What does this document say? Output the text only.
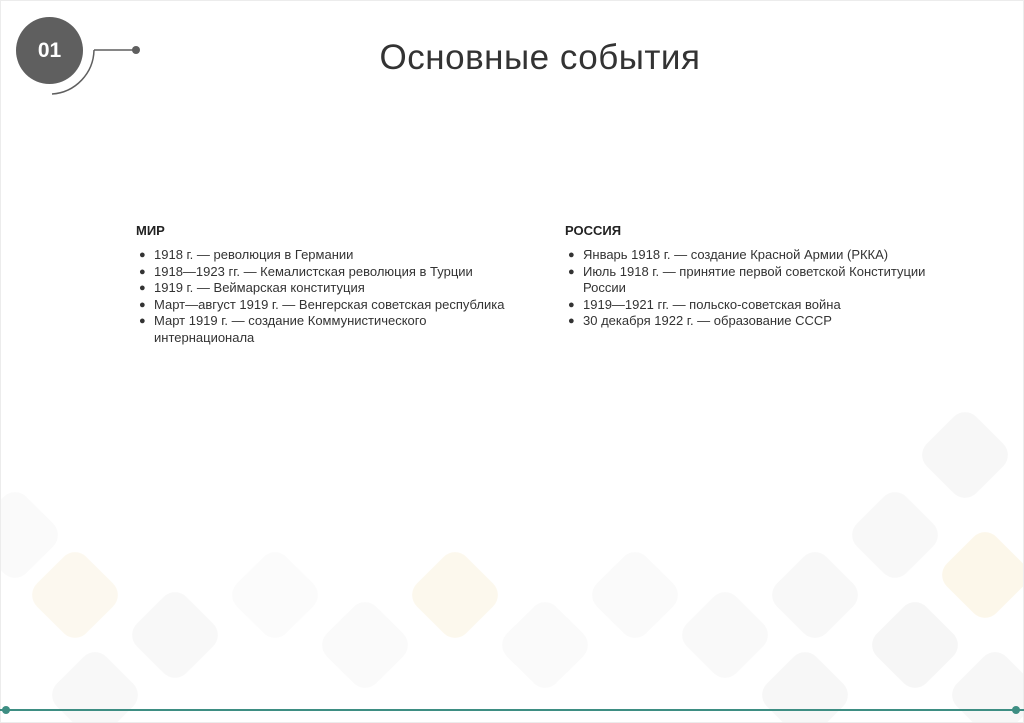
01	Основные события
МИР
● 1918 г. — революция в Германии
● 1918—1923 гг. — Кемалистская революция в Турции
● 1919 г. — Веймарская конституция
● Март—август 1919 г. — Венгерская советская республика
● Март 1919 г. — создание Коммунистического интернационала
РОССИЯ
● Январь 1918 г. — создание Красной Армии (РККА)
● Июль 1918 г. — принятие первой советской Конституции России
● 1919—1921 гг. — польско-советская война
● 30 декабря 1922 г. — образование СССР
